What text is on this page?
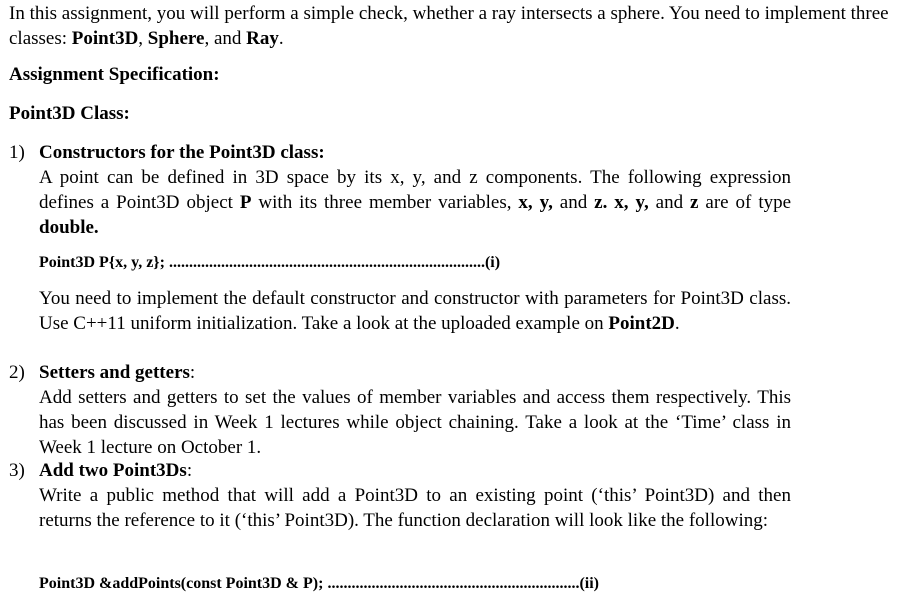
In this assignment, you will perform a simple check, whether a ray intersects a sphere. You need to implement three classes: Point3D, Sphere, and Ray.
Assignment Specification:
Point3D Class:
1) Constructors for the Point3D class:
A point can be defined in 3D space by its x, y, and z components. The following expression defines a Point3D object P with its three member variables, x, y, and z. x, y, and z are of type double.
Point3D P{x, y, z}; ...............................................................................(i)
You need to implement the default constructor and constructor with parameters for Point3D class. Use C++11 uniform initialization. Take a look at the uploaded example on Point2D.
2) Setters and getters:
Add setters and getters to set the values of member variables and access them respectively. This has been discussed in Week 1 lectures while object chaining. Take a look at the ‘Time’ class in Week 1 lecture on October 1.
3) Add two Point3Ds:
Write a public method that will add a Point3D to an existing point (‘this’ Point3D) and then returns the reference to it (‘this’ Point3D). The function declaration will look like the following:
Point3D &addPoints(const Point3D & P); ...............................................................(ii)
